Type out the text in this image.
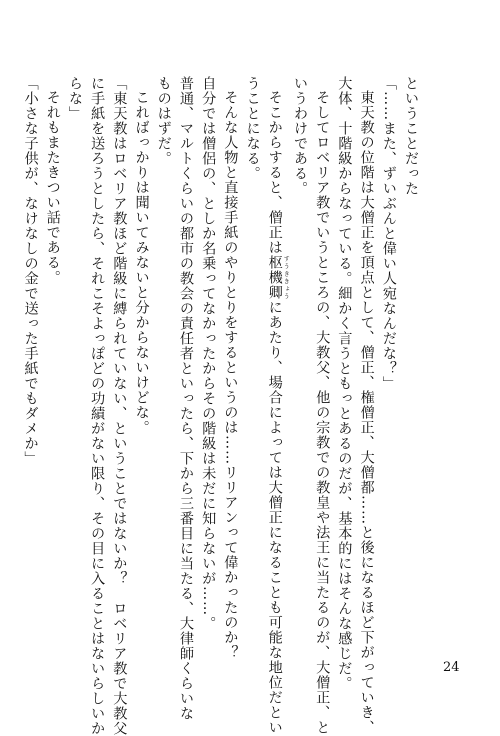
ということだった
「……また、ずいぶんと偉い人宛なんだな？」
東天教の位階は大僧正を頂点として、僧正、権僧正、大僧都……と後になるほど下がっていき、
大体、十階級からなっている。細かく言うともっとあるのだが、基本的にはそんな感じだ。
そしてロベリア教でいうところの、大教父、他の宗教での教皇や法王に当たるのが、大僧正、と
いうわけである。
そこからすると、僧正は枢機卿 すうききょうにあたり、場合によっては大僧正になることも可能な地位だとい
うことになる。
そんな人物と直接手紙のやりとりをするというのは……リリアンって偉かったのか？
自分では僧侶の、としか名乗ってなかったからその階級は未だに知らないが……。
普通、マルトくらいの都市の教会の責任者といったら、下から三番目に当たる、大律師くらいな
ものはずだ。
こればっかりは聞いてみないと分からないけどな。
「東天教はロベリア教ほど階級に縛られていない、ということではないか？　ロベリア教で大教父
に手紙を送ろうとしたら、それこそよっぽどの功績がない限り、その目に入ることはないらしいか
らな」
それもまたきつい話である。
「小さな子供が、なけなしの金で送った手紙でもダメか」
24
